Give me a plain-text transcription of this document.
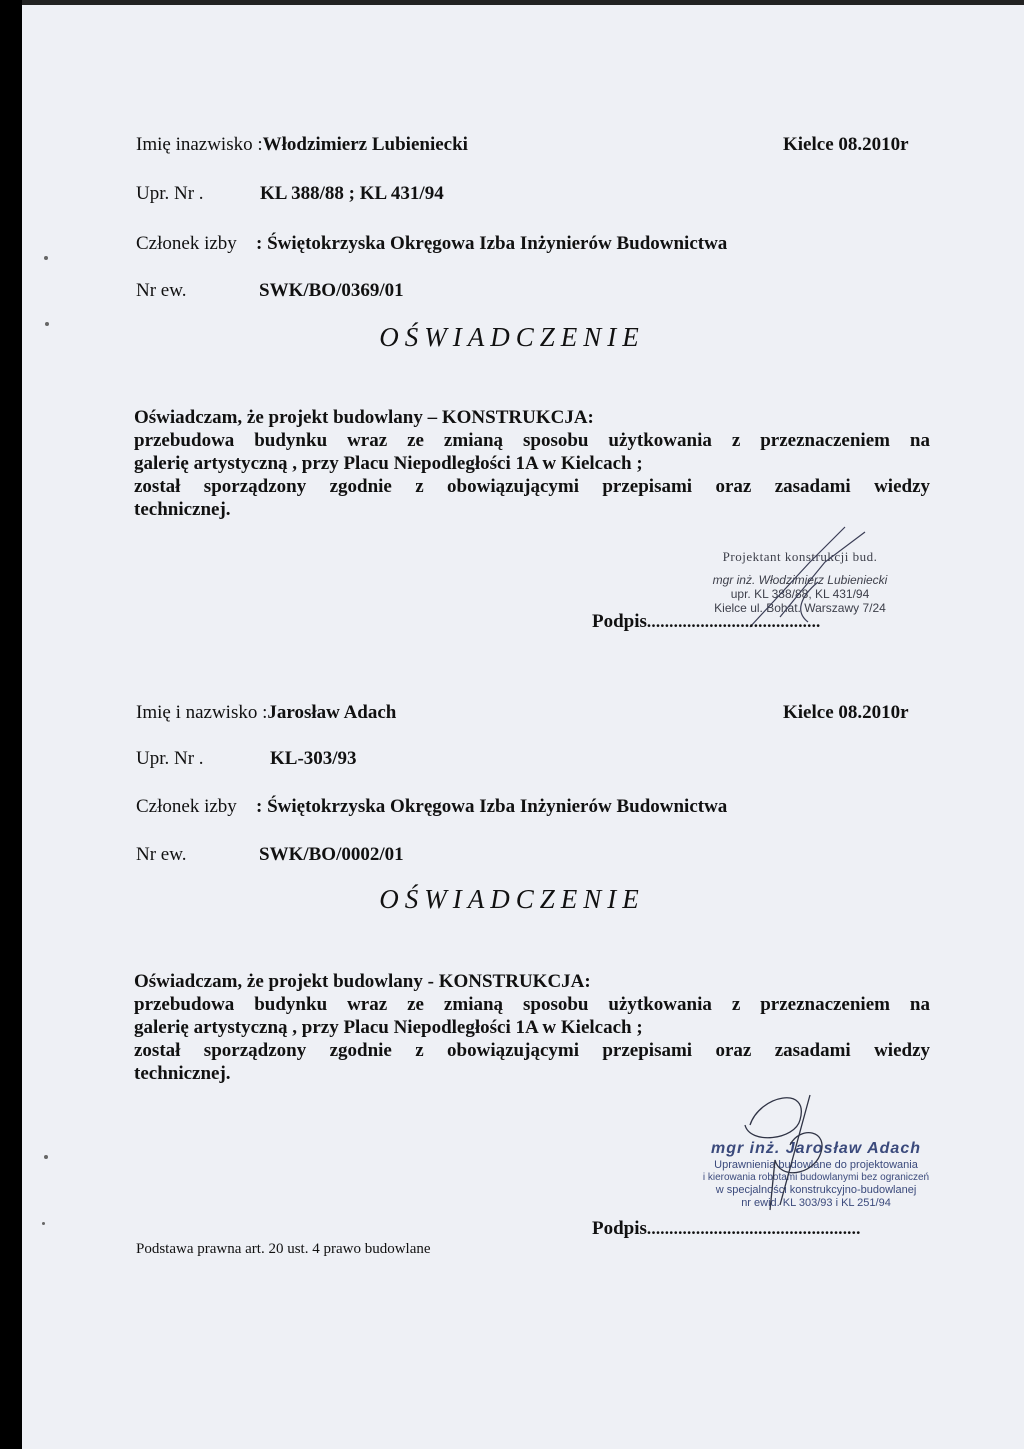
Imię inazwisko :Włodzimierz Lubieniecki	Kielce 08.2010r
Upr. Nr .	KL 388/88 ; KL 431/94
Członek izby : Świętokrzyska Okręgowa Izba Inżynierów Budownictwa
Nr ew.	SWK/BO/0369/01
OŚWIADCZENIE
Oświadczam, że projekt budowlany – KONSTRUKCJA:
przebudowa budynku wraz ze zmianą sposobu użytkowania z przeznaczeniem na
galerię artystyczną , przy Placu Niepodległości 1A w Kielcach ;
został sporządzony zgodnie z obowiązującymi przepisami oraz zasadami wiedzy
technicznej.
Projektant konstrukcji bud.
mgr inż. Włodzimierz Lubieniecki
upr. KL 388/88, KL 431/94
Kielce ul. Bohat. Warszawy 7/24
Podpis.......................................
Imię i nazwisko :Jarosław Adach	Kielce 08.2010r
Upr. Nr .	KL-303/93
Członek izby : Świętokrzyska Okręgowa Izba Inżynierów Budownictwa
Nr ew.	SWK/BO/0002/01
OŚWIADCZENIE
Oświadczam, że projekt budowlany - KONSTRUKCJA:
przebudowa budynku wraz ze zmianą sposobu użytkowania z przeznaczeniem na
galerię artystyczną , przy Placu Niepodległości 1A w Kielcach ;
został sporządzony zgodnie z obowiązującymi przepisami oraz zasadami wiedzy
technicznej.
mgr inż. Jarosław Adach
Uprawnienia budowlane do projektowania
i kierowania robotami budowlanymi bez ograniczeń
w specjalności konstrukcyjno-budowlanej
nr ewid. KL 303/93 i KL 251/94
Podpis................................................
Podstawa prawna art. 20 ust. 4 prawo budowlane
